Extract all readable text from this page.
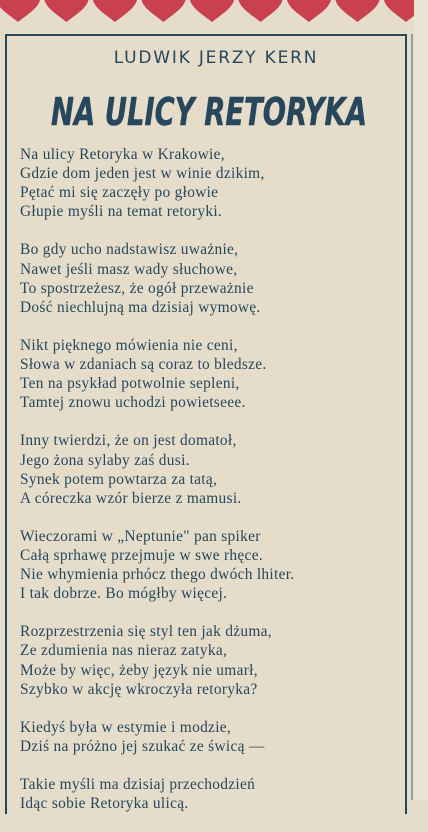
LUDWIK JERZY KERN
NA ULICY RETORYKA
Na ulicy Retoryka w Krakowie,
Gdzie dom jeden jest w winie dzikim,
Pętać mi się zaczęły po głowie
Głupie myśli na temat retoryki.
Bo gdy ucho nadstawisz uważnie,
Nawet jeśli masz wady słuchowe,
To spostrzeżesz, że ogół przeważnie
Dość niechlujną ma dzisiaj wymowę.
Nikt pięknego mówienia nie ceni,
Słowa w zdaniach są coraz to bledsze.
Ten na psykład potwolnie sepleni,
Tamtej znowu uchodzi powietseee.
Inny twierdzi, że on jest domatoł,
Jego żona sylaby zaś dusi.
Synek potem powtarza za tatą,
A córeczka wzór bierze z mamusi.
Wieczorami w „Neptunie" pan spiker
Całą sprhawę przejmuje w swe rhęce.
Nie whymienia prhócz thego dwóch lhiter.
I tak dobrze. Bo mógłby więcej.
Rozprzestrzenia się styl ten jak dżuma,
Ze zdumienia nas nieraz zatyka,
Może by więc, żeby język nie umarł,
Szybko w akcję wkroczyła retoryka?
Kiedyś była w estymie i modzie,
Dziś na próżno jej szukać ze świcą —
Takie myśli ma dzisiaj przechodzień
Idąc sobie Retoryka ulicą.
